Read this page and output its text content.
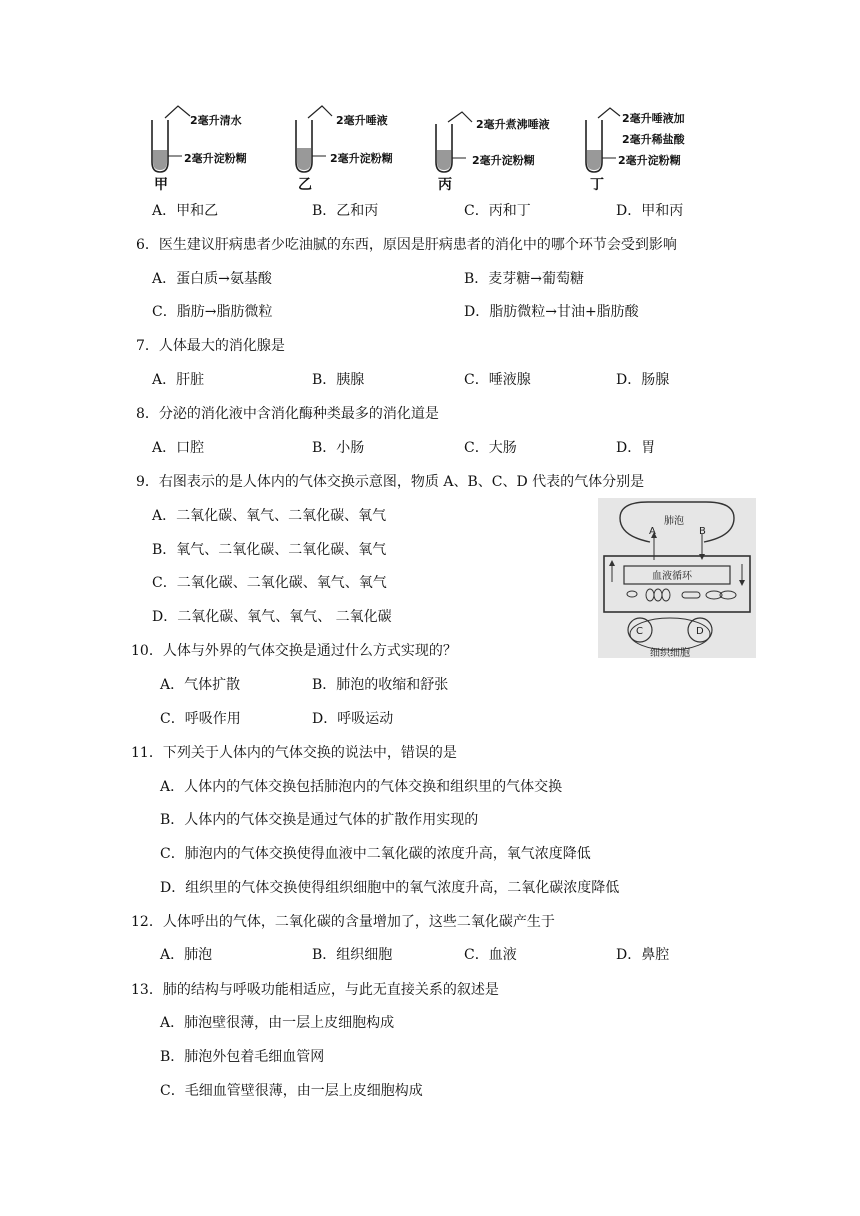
2毫升清水
2毫升淀粉糊
甲
2毫升唾液
2毫升淀粉糊
乙
2毫升煮沸唾液
2毫升淀粉糊
丙
2毫升唾液加
2毫升稀盐酸
2毫升淀粉糊
丁
A．甲和乙	B．乙和丙	C．丙和丁	D．甲和丙
6．医生建议肝病患者少吃油腻的东西，原因是肝病患者的消化中的哪个环节会受到影响
A．蛋白质→氨基酸	B．麦芽糖→葡萄糖
C．脂肪→脂肪微粒	D．脂肪微粒→甘油+脂肪酸
7．人体最大的消化腺是
A．肝脏	B．胰腺	C．唾液腺	D．肠腺
8．分泌的消化液中含消化酶种类最多的消化道是
A．口腔	B．小肠	C．大肠	D．胃
9．右图表示的是人体内的气体交换示意图，物质 A、B、C、D 代表的气体分别是
A．二氧化碳、氧气、二氧化碳、氧气
B．氧气、二氧化碳、二氧化碳、氧气
C．二氧化碳、二氧化碳、氧气、氧气
D．二氧化碳、氧气、氧气、 二氧化碳
肺泡
A	B
血液循环
C	D
细织细胞
10．人体与外界的气体交换是通过什么方式实现的？
A．气体扩散	B．肺泡的收缩和舒张
C．呼吸作用	D．呼吸运动
11．下列关于人体内的气体交换的说法中，错误的是
A．人体内的气体交换包括肺泡内的气体交换和组织里的气体交换
B．人体内的气体交换是通过气体的扩散作用实现的
C．肺泡内的气体交换使得血液中二氧化碳的浓度升高，氧气浓度降低
D．组织里的气体交换使得组织细胞中的氧气浓度升高，二氧化碳浓度降低
12．人体呼出的气体，二氧化碳的含量增加了，这些二氧化碳产生于
A．肺泡	B．组织细胞	C．血液	D．鼻腔
13．肺的结构与呼吸功能相适应，与此无直接关系的叙述是
A．肺泡壁很薄，由一层上皮细胞构成
B．肺泡外包着毛细血管网
C．毛细血管壁很薄，由一层上皮细胞构成
